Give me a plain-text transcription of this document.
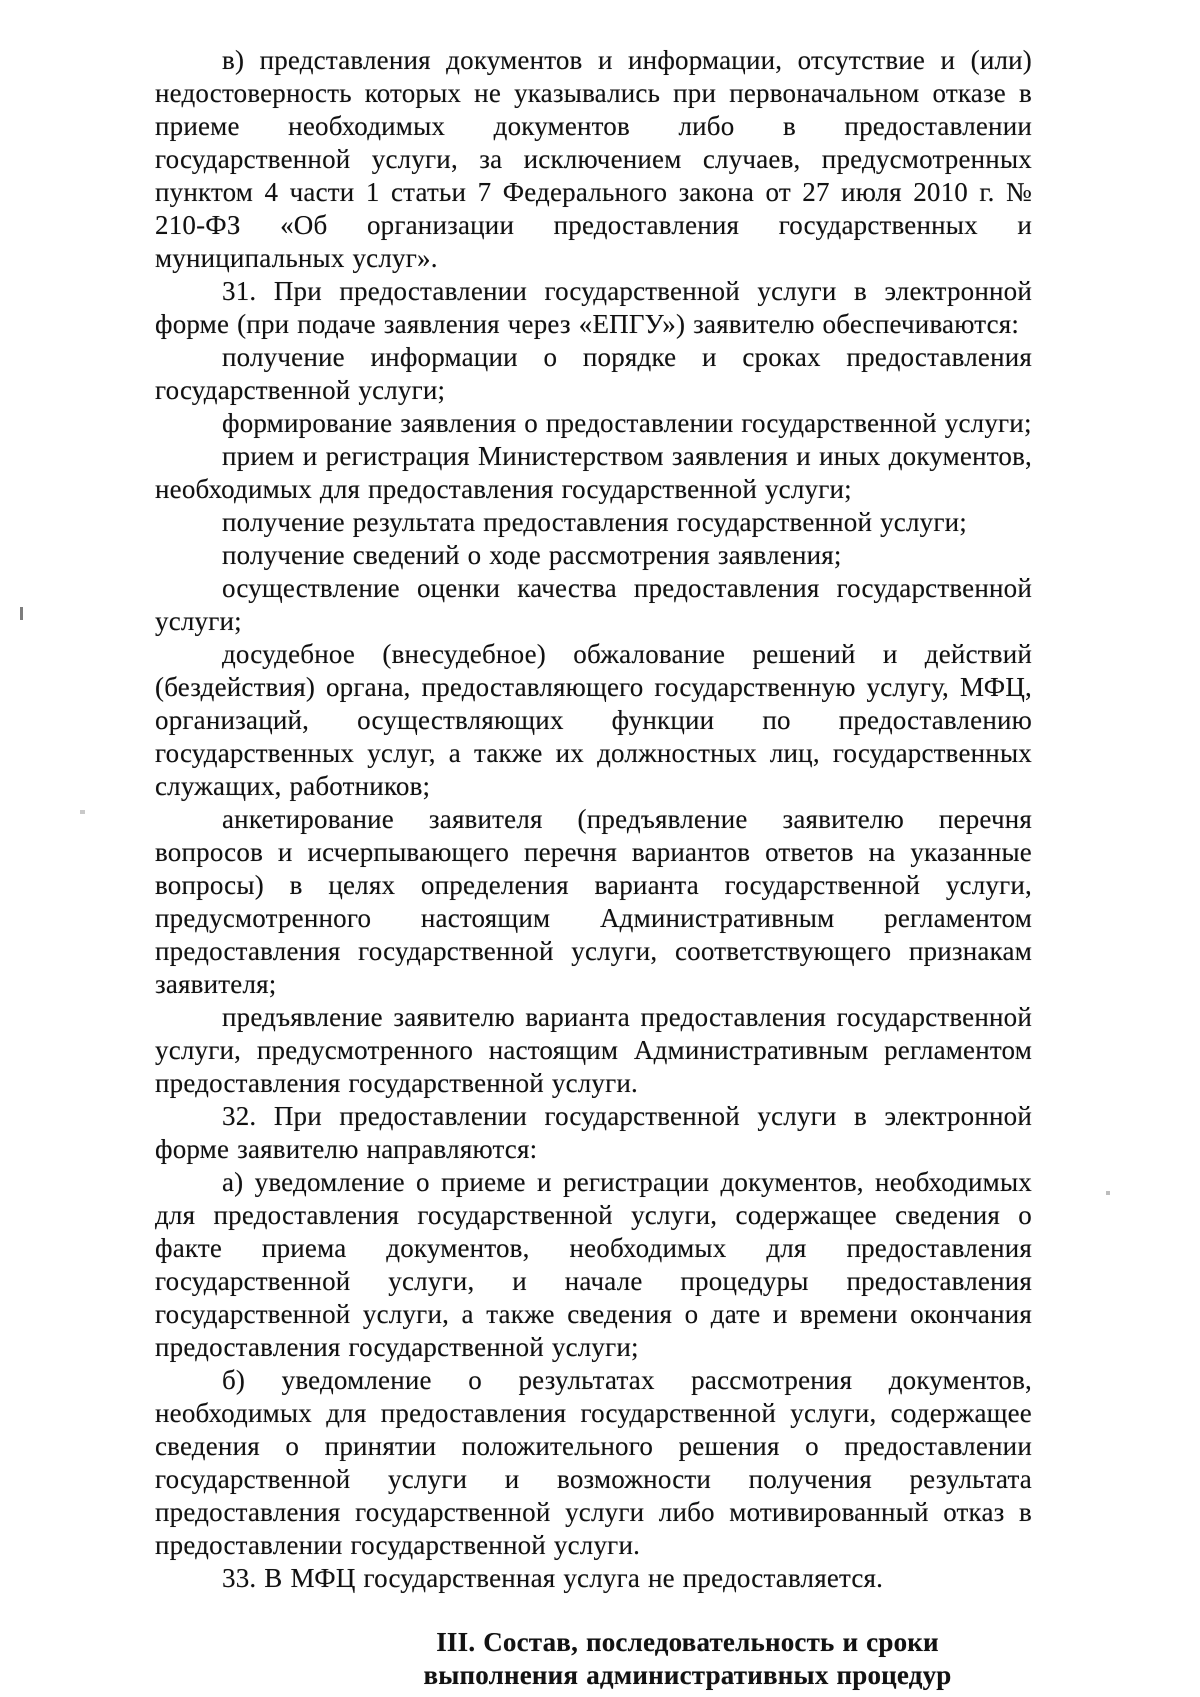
в) представления документов и информации, отсутствие и (или) недостоверность которых не указывались при первоначальном отказе в приеме необходимых документов либо в предоставлении государственной услуги, за исключением случаев, предусмотренных пунктом 4 части 1 статьи 7 Федерального закона от 27 июля 2010 г. № 210-ФЗ «Об организации предоставления государственных и муниципальных услуг».

31. При предоставлении государственной услуги в электронной форме (при подаче заявления через «ЕПГУ») заявителю обеспечиваются:

получение информации о порядке и сроках предоставления государственной услуги;

формирование заявления о предоставлении государственной услуги;

прием и регистрация Министерством заявления и иных документов, необходимых для предоставления государственной услуги;

получение результата предоставления государственной услуги;

получение сведений о ходе рассмотрения заявления;

осуществление оценки качества предоставления государственной услуги;

досудебное (внесудебное) обжалование решений и действий (бездействия) органа, предоставляющего государственную услугу, МФЦ, организаций, осуществляющих функции по предоставлению государственных услуг, а также их должностных лиц, государственных служащих, работников;

анкетирование заявителя (предъявление заявителю перечня вопросов и исчерпывающего перечня вариантов ответов на указанные вопросы) в целях определения варианта государственной услуги, предусмотренного настоящим Административным регламентом предоставления государственной услуги, соответствующего признакам заявителя;

предъявление заявителю варианта предоставления государственной услуги, предусмотренного настоящим Административным регламентом предоставления государственной услуги.

32. При предоставлении государственной услуги в электронной форме заявителю направляются:

а) уведомление о приеме и регистрации документов, необходимых для предоставления государственной услуги, содержащее сведения о факте приема документов, необходимых для предоставления государственной услуги, и начале процедуры предоставления государственной услуги, а также сведения о дате и времени окончания предоставления государственной услуги;

б) уведомление о результатах рассмотрения документов, необходимых для предоставления государственной услуги, содержащее сведения о принятии положительного решения о предоставлении государственной услуги и возможности получения результата предоставления государственной услуги либо мотивированный отказ в предоставлении государственной услуги.

33. В МФЦ государственная услуга не предоставляется.

III. Состав, последовательность и сроки
выполнения административных процедур
